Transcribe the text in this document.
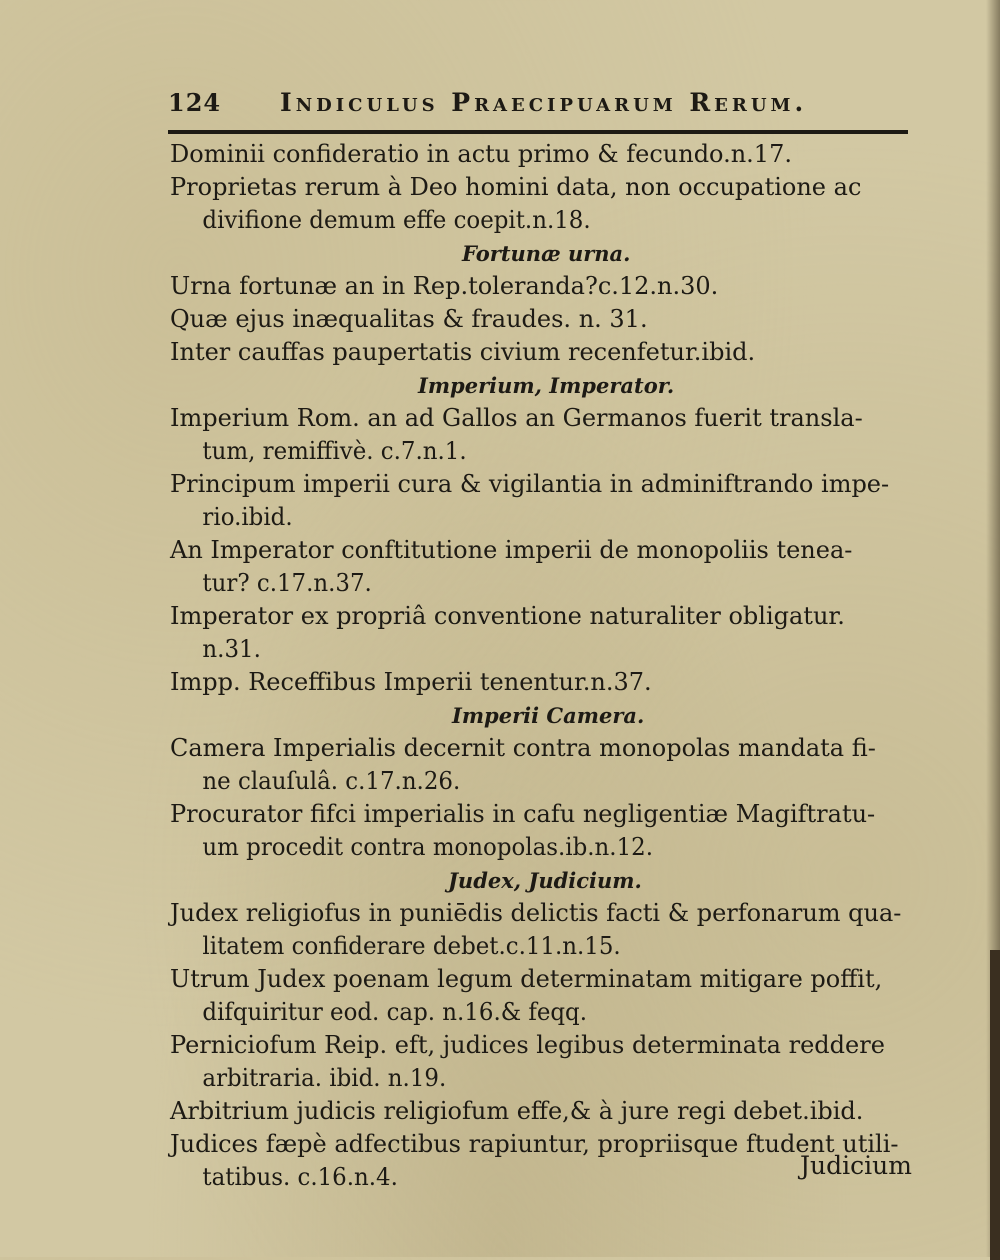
124 Indiculus Praecipuarum Rerum.
Dominii confideratio in actu primo & fecundo.n.17.
Proprietas rerum à Deo homini data, non occupatione ac
divifione demum effe coepit.n.18.
Fortunæ urna.
Urna fortunæ an in Rep.toleranda?c.12.n.30.
Quæ ejus inæqualitas & fraudes. n. 31.
Inter cauffas paupertatis civium recenfetur.ibid.
Imperium, Imperator.
Imperium Rom. an ad Gallos an Germanos fuerit transla-
tum, remiffivè. c.7.n.1.
Principum imperii cura & vigilantia in adminiftrando impe-
rio.ibid.
An Imperator conftitutione imperii de monopoliis tenea-
tur? c.17.n.37.
Imperator ex propriâ conventione naturaliter obligatur.
n.31.
Impp. Receffibus Imperii tenentur.n.37.
Imperii Camera.
Camera Imperialis decernit contra monopolas mandata fi-
ne clauſulâ. c.17.n.26.
Procurator fifci imperialis in cafu negligentiæ Magiftratu-
um procedit contra monopolas.ib.n.12.
Judex, Judicium.
Judex religiofus in puniēdis delictis facti & perfonarum qua-
litatem confiderare debet.c.11.n.15.
Utrum Judex poenam legum determinatam mitigare poffit,
difquiritur eod. cap. n.16.& feqq.
Perniciofum Reip. eft, judices legibus determinata reddere
arbitraria. ibid. n.19.
Arbitrium judicis religiofum effe,& à jure regi debet.ibid.
Judices fæpè adfectibus rapiuntur, propriisque ftudent utili-
tatibus. c.16.n.4.	Judicium
